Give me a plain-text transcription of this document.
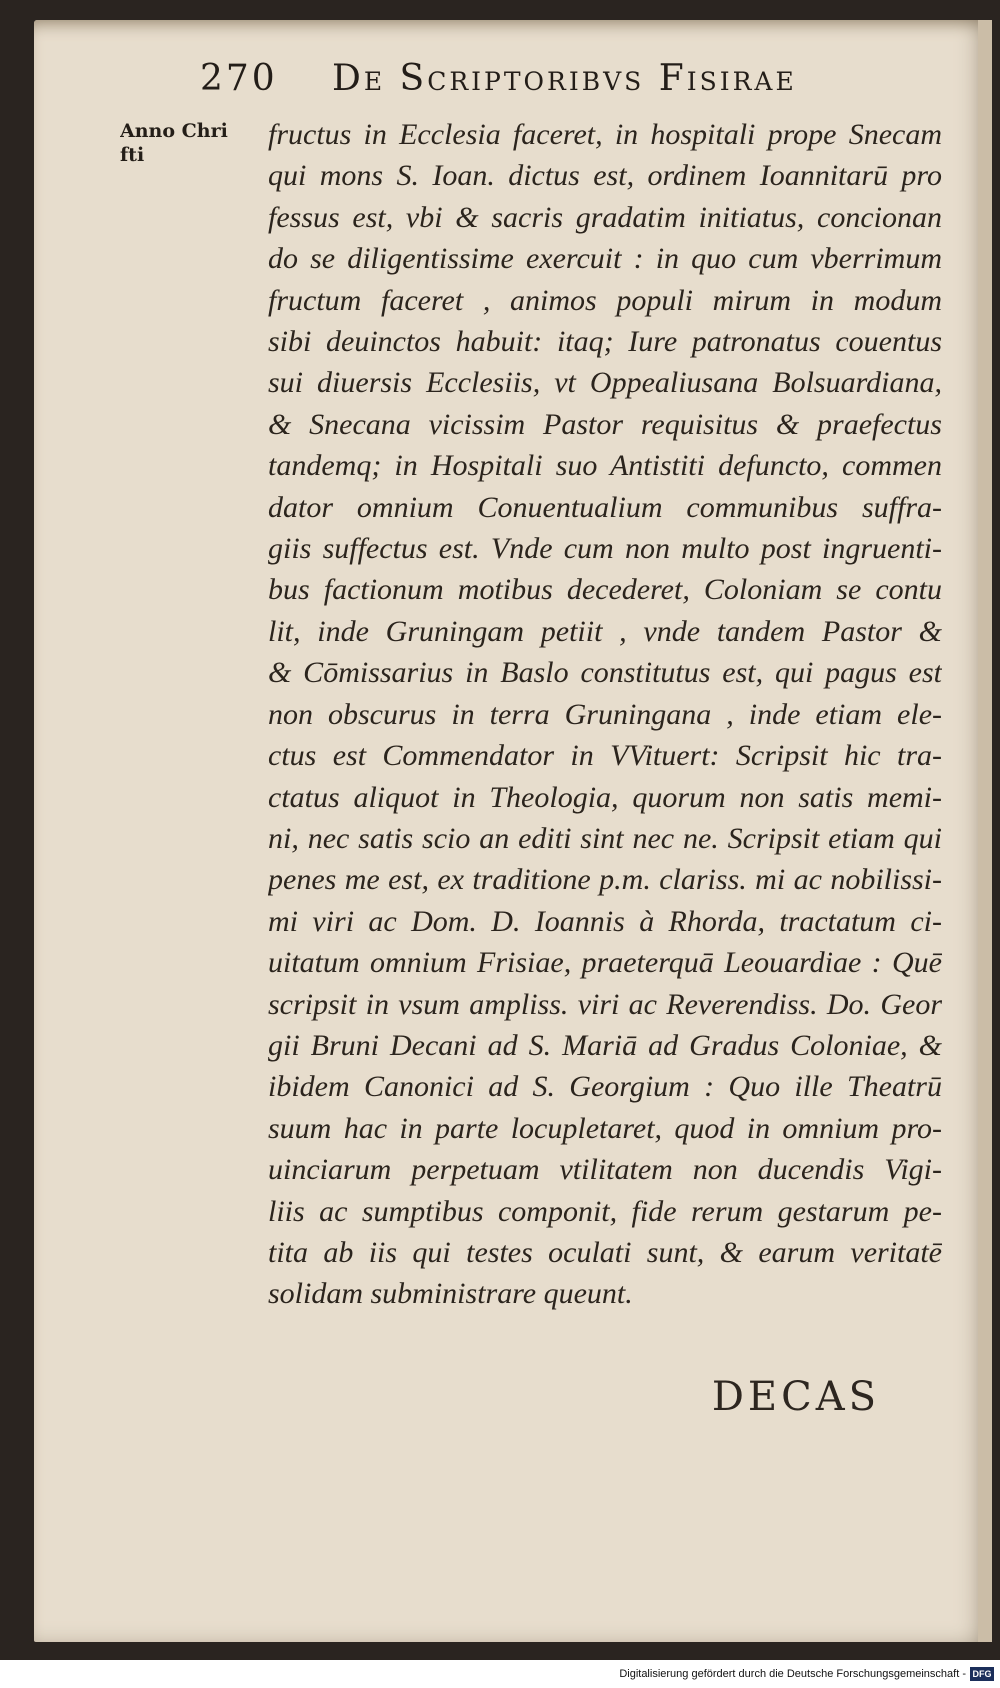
270 De Scriptoribvs Fisirae
Anno Chri
fti
fructus in Ecclesia faceret, in hospitali prope Snecam
qui mons S. Ioan. dictus est, ordinem Ioannitarū pro
fessus est, vbi & sacris gradatim initiatus, concionan
do se diligentissime exercuit : in quo cum vberrimum
fructum faceret , animos populi mirum in modum
sibi deuinctos habuit: itaq; Iure patronatus couentus
sui diuersis Ecclesiis, vt Oppealiusana Bolsuardiana,
& Snecana vicissim Pastor requisitus & praefectus
tandemq; in Hospitali suo Antistiti defuncto, commen
dator omnium Conuentualium communibus suffra-
giis suffectus est. Vnde cum non multo post ingruenti-
bus factionum motibus decederet, Coloniam se contu
lit, inde Gruningam petiit , vnde tandem Pastor &
& Cōmissarius in Baslo constitutus est, qui pagus est
non obscurus in terra Gruningana , inde etiam ele-
ctus est Commendator in VVituert: Scripsit hic tra-
ctatus aliquot in Theologia, quorum non satis memi-
ni, nec satis scio an editi sint nec ne. Scripsit etiam qui
penes me est, ex traditione p.m. clariss. mi ac nobilissi-
mi viri ac Dom. D. Ioannis à Rhorda, tractatum ci-
uitatum omnium Frisiae, praeterquā Leouardiae : Quē
scripsit in vsum ampliss. viri ac Reverendiss. Do. Geor
gii Bruni Decani ad S. Mariā ad Gradus Coloniae, &
ibidem Canonici ad S. Georgium : Quo ille Theatrū
suum hac in parte locupletaret, quod in omnium pro-
uinciarum perpetuam vtilitatem non ducendis Vigi-
liis ac sumptibus componit, fide rerum gestarum pe-
tita ab iis qui testes oculati sunt, & earum veritatē
solidam subministrare queunt.
DECAS
Digitalisierung gefördert durch die Deutsche Forschungsgemeinschaft - DFG
